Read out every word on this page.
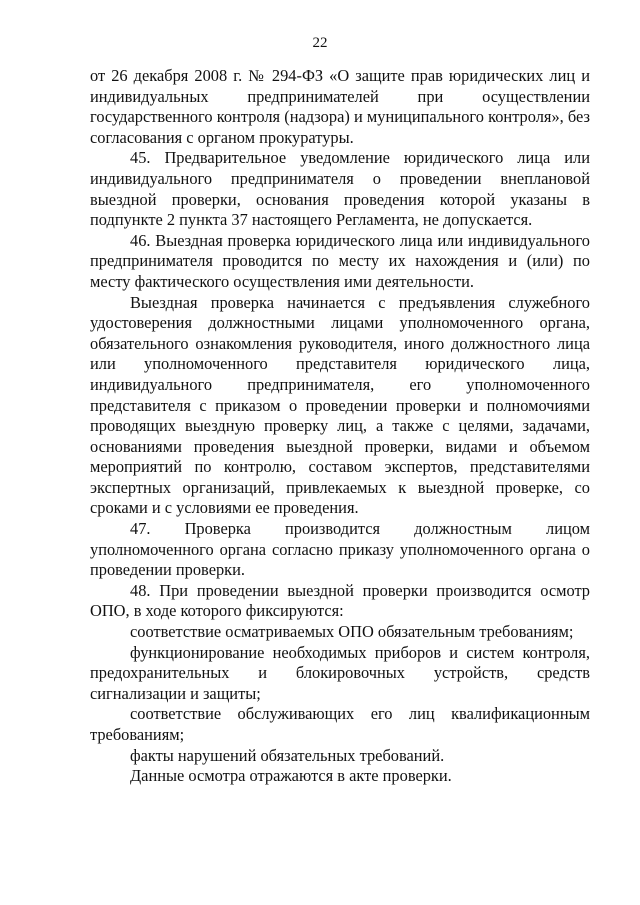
22

от 26 декабря 2008 г. № 294-ФЗ «О защите прав юридических лиц и индивидуальных предпринимателей при осуществлении государственного контроля (надзора) и муниципального контроля», без согласования с органом прокуратуры.

45. Предварительное уведомление юридического лица или индивидуального предпринимателя о проведении внеплановой выездной проверки, основания проведения которой указаны в подпункте 2 пункта 37 настоящего Регламента, не допускается.

46. Выездная проверка юридического лица или индивидуального предпринимателя проводится по месту их нахождения и (или) по месту фактического осуществления ими деятельности.

Выездная проверка начинается с предъявления служебного удостоверения должностными лицами уполномоченного органа, обязательного ознакомления руководителя, иного должностного лица или уполномоченного представителя юридического лица, индивидуального предпринимателя, его уполномоченного представителя с приказом о проведении проверки и полномочиями проводящих выездную проверку лиц, а также с целями, задачами, основаниями проведения выездной проверки, видами и объемом мероприятий по контролю, составом экспертов, представителями экспертных организаций, привлекаемых к выездной проверке, со сроками и с условиями ее проведения.

47. Проверка производится должностным лицом уполномоченного органа согласно приказу уполномоченного органа о проведении проверки.

48. При проведении выездной проверки производится осмотр ОПО, в ходе которого фиксируются:

соответствие осматриваемых ОПО обязательным требованиям;

функционирование необходимых приборов и систем контроля, предохранительных и блокировочных устройств, средств сигнализации и защиты;

соответствие обслуживающих его лиц квалификационным требованиям;

факты нарушений обязательных требований.

Данные осмотра отражаются в акте проверки.
